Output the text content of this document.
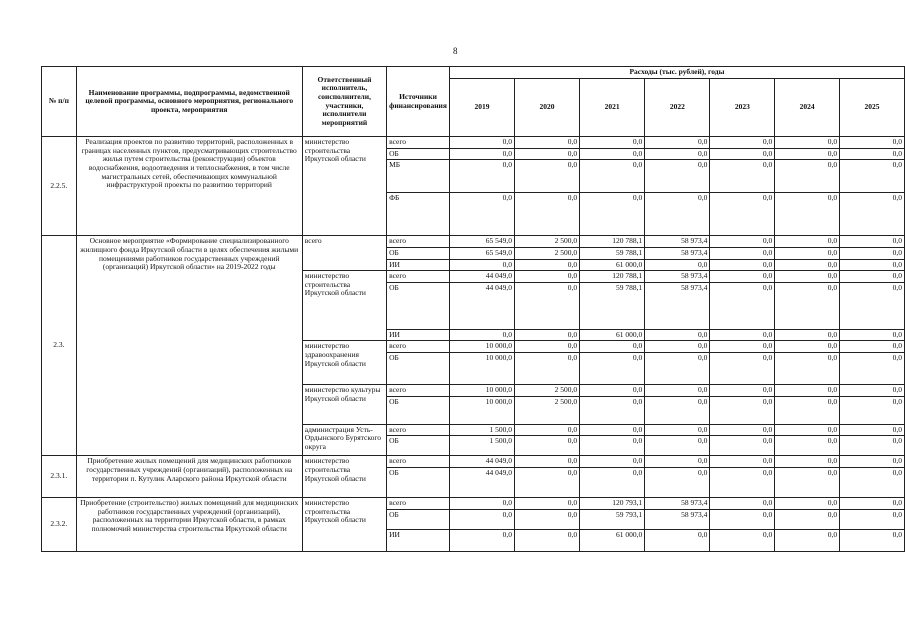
8
№ п/п	Наименование программы, подпрограммы, ведомственной целевой программы, основного мероприятия, регионального проекта, мероприятия	Ответственный исполнитель, соисполнители, участники, исполнители мероприятий	Источники финансирования	Расходы (тыс. рублей), годы						
				2019	2020	2021	2022	2023	2024	2025
2.2.5.	Реализация проектов по развитию территорий, расположенных в границах населенных пунктов, предусматривающих строительство жилья путем строительства (реконструкции) объектов водоснабжения, водоотведения и теплоснабжения, в том числе магистральных сетей, обеспечивающих коммунальной инфраструктурой проекты по развитию территорий	министерство строительства Иркутской области	всего	0,0	0,0	0,0	0,0	0,0	0,0	0,0
			ОБ	0,0	0,0	0,0	0,0	0,0	0,0	0,0
			МБ	0,0	0,0	0,0	0,0	0,0	0,0	0,0
			ФБ	0,0	0,0	0,0	0,0	0,0	0,0	0,0
2.3.	Основное мероприятие «Формирование специализированного жилищного фонда Иркутской области в целях обеспечения жилыми помещениями работников государственных учреждений (организаций) Иркутской области» на 2019-2022 годы	всего	всего	65 549,0	2 500,0	120 788,1	58 973,4	0,0	0,0	0,0
			ОБ	65 549,0	2 500,0	59 788,1	58 973,4	0,0	0,0	0,0
			ИИ	0,0	0,0	61 000,0	0,0	0,0	0,0	0,0
		министерство строительства Иркутской области	всего	44 049,0	0,0	120 788,1	58 973,4	0,0	0,0	0,0
			ОБ	44 049,0	0,0	59 788,1	58 973,4	0,0	0,0	0,0
			ИИ	0,0	0,0	61 000,0	0,0	0,0	0,0	0,0
		министерство здравоохранения Иркутской области	всего	10 000,0	0,0	0,0	0,0	0,0	0,0	0,0
			ОБ	10 000,0	0,0	0,0	0,0	0,0	0,0	0,0
		министерство культуры Иркутской области	всего	10 000,0	2 500,0	0,0	0,0	0,0	0,0	0,0
			ОБ	10 000,0	2 500,0	0,0	0,0	0,0	0,0	0,0
		администрация Усть-Ордынского Бурятского округа	всего	1 500,0	0,0	0,0	0,0	0,0	0,0	0,0
			ОБ	1 500,0	0,0	0,0	0,0	0,0	0,0	0,0
2.3.1.	Приобретение жилых помещений для медицинских работников государственных учреждений (организаций), расположенных на территории п. Кутулик Аларского района Иркутской области	министерство строительства Иркутской области	всего	44 049,0	0,0	0,0	0,0	0,0	0,0	0,0
			ОБ	44 049,0	0,0	0,0	0,0	0,0	0,0	0,0
2.3.2.	Приобретение (строительство) жилых помещений для медицинских работников государственных учреждений (организаций), расположенных на территории Иркутской области, в рамках полномочий министерства строительства Иркутской области	министерство строительства Иркутской области	всего	0,0	0,0	120 793,1	58 973,4	0,0	0,0	0,0
			ОБ	0,0	0,0	59 793,1	58 973,4	0,0	0,0	0,0
			ИИ	0,0	0,0	61 000,0	0,0	0,0	0,0	0,0
